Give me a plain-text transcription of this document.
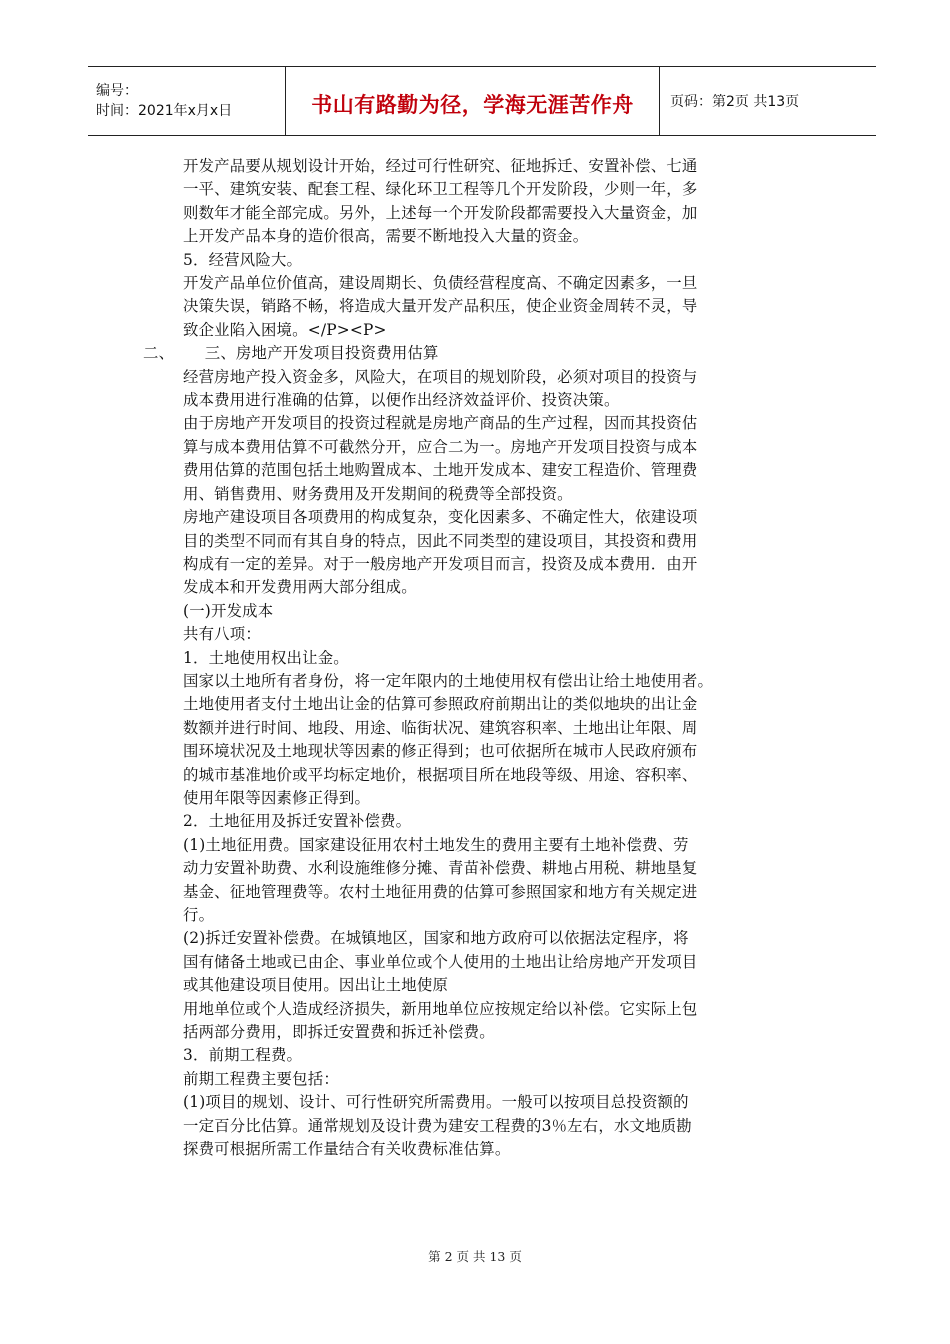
编号：
时间：2021年x月x日	书山有路勤为径，学海无涯苦作舟	页码：第2页 共13页

开发产品要从规划设计开始，经过可行性研究、征地拆迁、安置补偿、七通

一平、建筑安装、配套工程、绿化环卫工程等几个开发阶段，少则一年，多

则数年才能全部完成。另外，上述每一个开发阶段都需要投入大量资金，加

上开发产品本身的造价很高，需要不断地投入大量的资金。

5．经营风险大。

开发产品单位价值高，建设周期长、负债经营程度高、不确定因素多，一旦

决策失误，销路不畅，将造成大量开发产品积压，使企业资金周转不灵，导

致企业陷入困境。</P><P>

二、      三、房地产开发项目投资费用估算

经营房地产投入资金多，风险大，在项目的规划阶段，必须对项目的投资与

成本费用进行准确的估算，以便作出经济效益评价、投资决策。

由于房地产开发项目的投资过程就是房地产商品的生产过程，因而其投资估

算与成本费用估算不可截然分开，应合二为一。房地产开发项目投资与成本

费用估算的范围包括土地购置成本、土地开发成本、建安工程造价、管理费

用、销售费用、财务费用及开发期间的税费等全部投资。

房地产建设项目各项费用的构成复杂，变化因素多、不确定性大，依建设项

目的类型不同而有其自身的特点，因此不同类型的建设项目，其投资和费用

构成有一定的差异。对于一般房地产开发项目而言，投资及成本费用．由开

发成本和开发费用两大部分组成。

(一)开发成本

共有八项：

1．土地使用权出让金。

国家以土地所有者身份，将一定年限内的土地使用权有偿出让给土地使用者。

土地使用者支付土地出让金的估算可参照政府前期出让的类似地块的出让金

数额并进行时间、地段、用途、临街状况、建筑容积率、土地出让年限、周

围环境状况及土地现状等因素的修正得到；也可依据所在城市人民政府颁布

的城市基准地价或平均标定地价，根据项目所在地段等级、用途、容积率、

使用年限等因素修正得到。

2．土地征用及拆迁安置补偿费。

(1)土地征用费。国家建设征用农村土地发生的费用主要有土地补偿费、劳

动力安置补助费、水利设施维修分摊、青苗补偿费、耕地占用税、耕地垦复

基金、征地管理费等。农村土地征用费的估算可参照国家和地方有关规定进

行。

(2)拆迁安置补偿费。在城镇地区，国家和地方政府可以依据法定程序，将

国有储备土地或已由企、事业单位或个人使用的土地出让给房地产开发项目

或其他建设项目使用。因出让土地使原

用地单位或个人造成经济损失，新用地单位应按规定给以补偿。它实际上包

括两部分费用，即拆迁安置费和拆迁补偿费。

3．前期工程费。

前期工程费主要包括：

(1)项目的规划、设计、可行性研究所需费用。一般可以按项目总投资额的

一定百分比估算。通常规划及设计费为建安工程费的3％左右，水文地质勘

探费可根据所需工作量结合有关收费标准估算。

第 2 页 共 13 页
